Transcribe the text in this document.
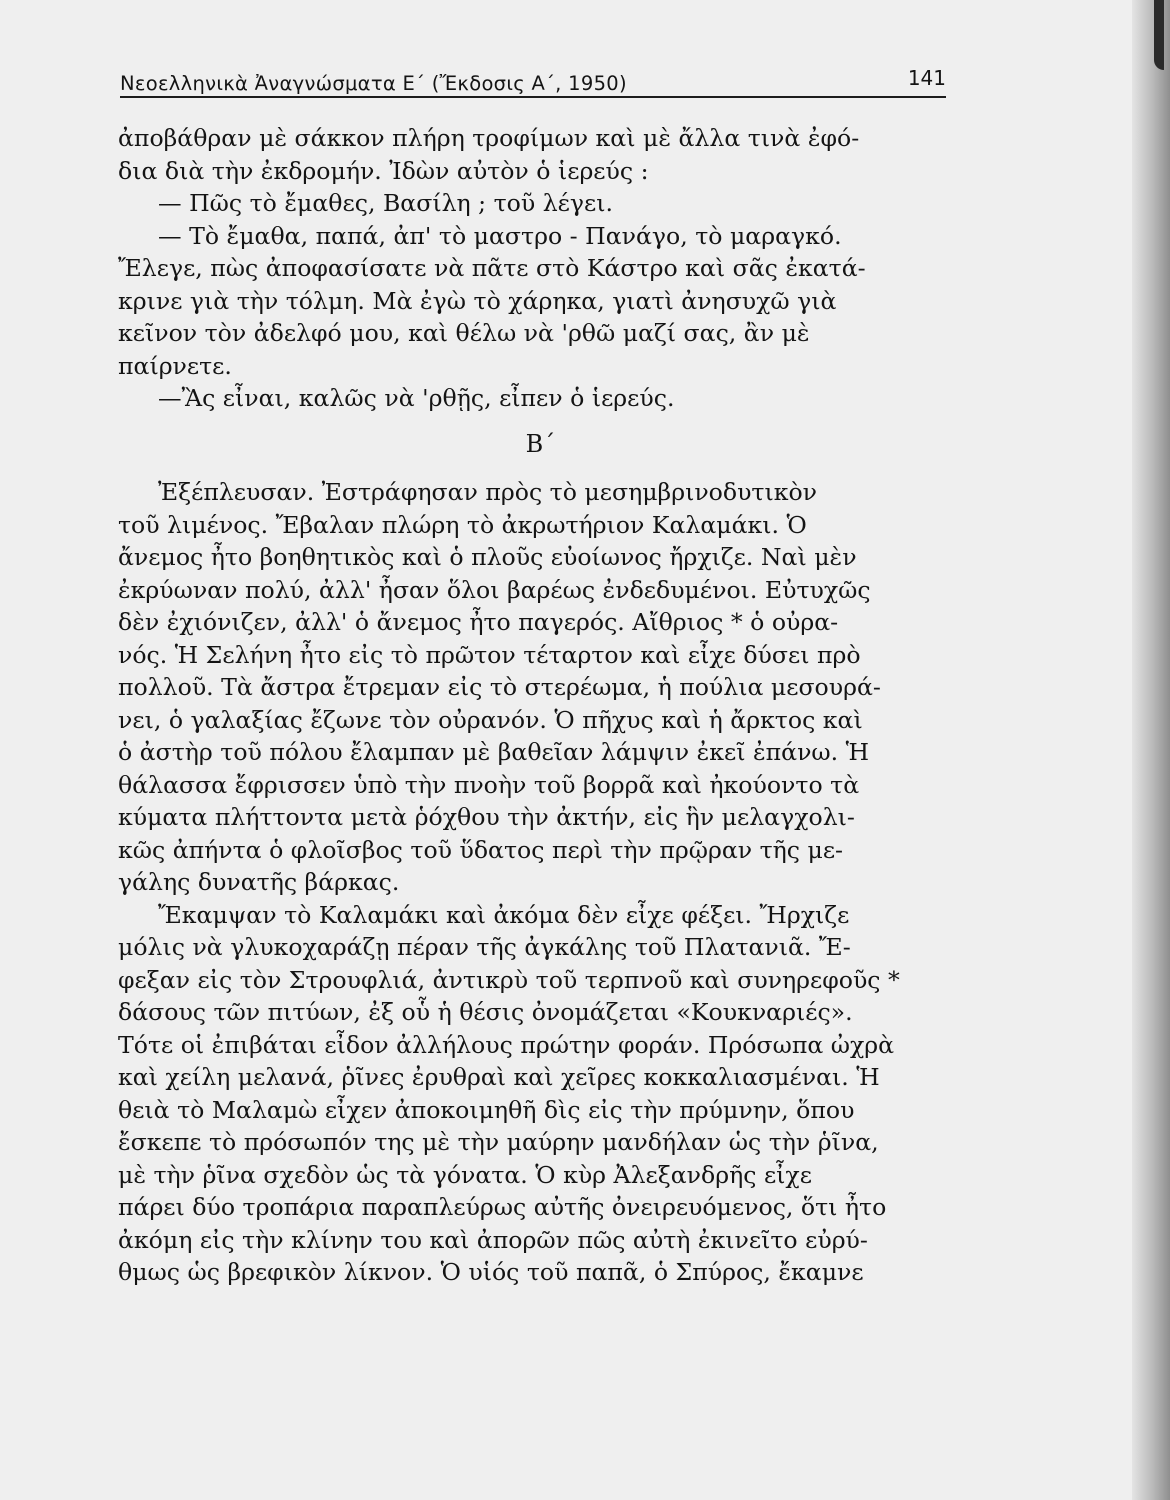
Νεοελληνικὰ Ἀναγνώσματα Ε΄ (Ἔκδοσις Α΄, 1950)	141
ἀποβάθραν μὲ σάκκον πλήρη τροφίμων καὶ μὲ ἄλλα τινὰ ἐφό-
δια διὰ τὴν ἐκδρομήν. Ἰδὼν αὐτὸν ὁ ἱερεύς :
— Πῶς τὸ ἔμαθες, Βασίλη ; τοῦ λέγει.
— Τὸ ἔμαθα, παπά, ἀπ' τὸ μαστρο - Πανάγο, τὸ μαραγκό.
Ἔλεγε, πὼς ἀποφασίσατε νὰ πᾶτε στὸ Κάστρο καὶ σᾶς ἐκατά-
κρινε γιὰ τὴν τόλμη. Μὰ ἐγὼ τὸ χάρηκα, γιατὶ ἀνησυχῶ γιὰ
κεῖνον τὸν ἀδελφό μου, καὶ θέλω νὰ 'ρθῶ μαζί σας, ἂν μὲ
παίρνετε.
—Ἂς εἶναι, καλῶς νὰ 'ρθῇς, εἶπεν ὁ ἱερεύς.
Β΄
Ἐξέπλευσαν. Ἐστράφησαν πρὸς τὸ μεσημβρινοδυτικὸν
τοῦ λιμένος. Ἔβαλαν πλώρη τὸ ἀκρωτήριον Καλαμάκι. Ὁ
ἄνεμος ἦτο βοηθητικὸς καὶ ὁ πλοῦς εὐοίωνος ἤρχιζε. Ναὶ μὲν
ἐκρύωναν πολύ, ἀλλ' ἦσαν ὅλοι βαρέως ἐνδεδυμένοι. Εὐτυχῶς
δὲν ἐχιόνιζεν, ἀλλ' ὁ ἄνεμος ἦτο παγερός. Αἴθριος * ὁ οὐρα-
νός. Ἡ Σελήνη ἦτο εἰς τὸ πρῶτον τέταρτον καὶ εἶχε δύσει πρὸ
πολλοῦ. Τὰ ἄστρα ἔτρεμαν εἰς τὸ στερέωμα, ἡ πούλια μεσουρά-
νει, ὁ γαλαξίας ἔζωνε τὸν οὐρανόν. Ὁ πῆχυς καὶ ἡ ἄρκτος καὶ
ὁ ἀστὴρ τοῦ πόλου ἔλαμπαν μὲ βαθεῖαν λάμψιν ἐκεῖ ἐπάνω. Ἡ
θάλασσα ἔφρισσεν ὑπὸ τὴν πνοὴν τοῦ βορρᾶ καὶ ἠκούοντο τὰ
κύματα πλήττοντα μετὰ ῥόχθου τὴν ἀκτήν, εἰς ἣν μελαγχολι-
κῶς ἀπήντα ὁ φλοῖσβος τοῦ ὕδατος περὶ τὴν πρῷραν τῆς με-
γάλης δυνατῆς βάρκας.
Ἔκαμψαν τὸ Καλαμάκι καὶ ἀκόμα δὲν εἶχε φέξει. Ἤρχιζε
μόλις νὰ γλυκοχαράζῃ πέραν τῆς ἀγκάλης τοῦ Πλατανιᾶ. Ἔ-
φεξαν εἰς τὸν Στρουφλιά, ἀντικρὺ τοῦ τερπνοῦ καὶ συνηρεφοῦς *
δάσους τῶν πιτύων, ἐξ οὗ ἡ θέσις ὀνομάζεται «Κουκναριές».
Τότε οἱ ἐπιβάται εἶδον ἀλλήλους πρώτην φοράν. Πρόσωπα ὠχρὰ
καὶ χείλη μελανά, ῥῖνες ἐρυθραὶ καὶ χεῖρες κοκκαλιασμέναι. Ἡ
θειὰ τὸ Μαλαμὼ εἶχεν ἀποκοιμηθῆ δὶς εἰς τὴν πρύμνην, ὅπου
ἔσκεπε τὸ πρόσωπόν της μὲ τὴν μαύρην μανδήλαν ὡς τὴν ῥῖνα,
μὲ τὴν ῥῖνα σχεδὸν ὡς τὰ γόνατα. Ὁ κὺρ Ἀλεξανδρῆς εἶχε
πάρει δύο τροπάρια παραπλεύρως αὐτῆς ὀνειρευόμενος, ὅτι ἦτο
ἀκόμη εἰς τὴν κλίνην του καὶ ἀπορῶν πῶς αὐτὴ ἐκινεῖτο εὐρύ-
θμως ὡς βρεφικὸν λίκνον. Ὁ υἱός τοῦ παπᾶ, ὁ Σπύρος, ἔκαμνε
